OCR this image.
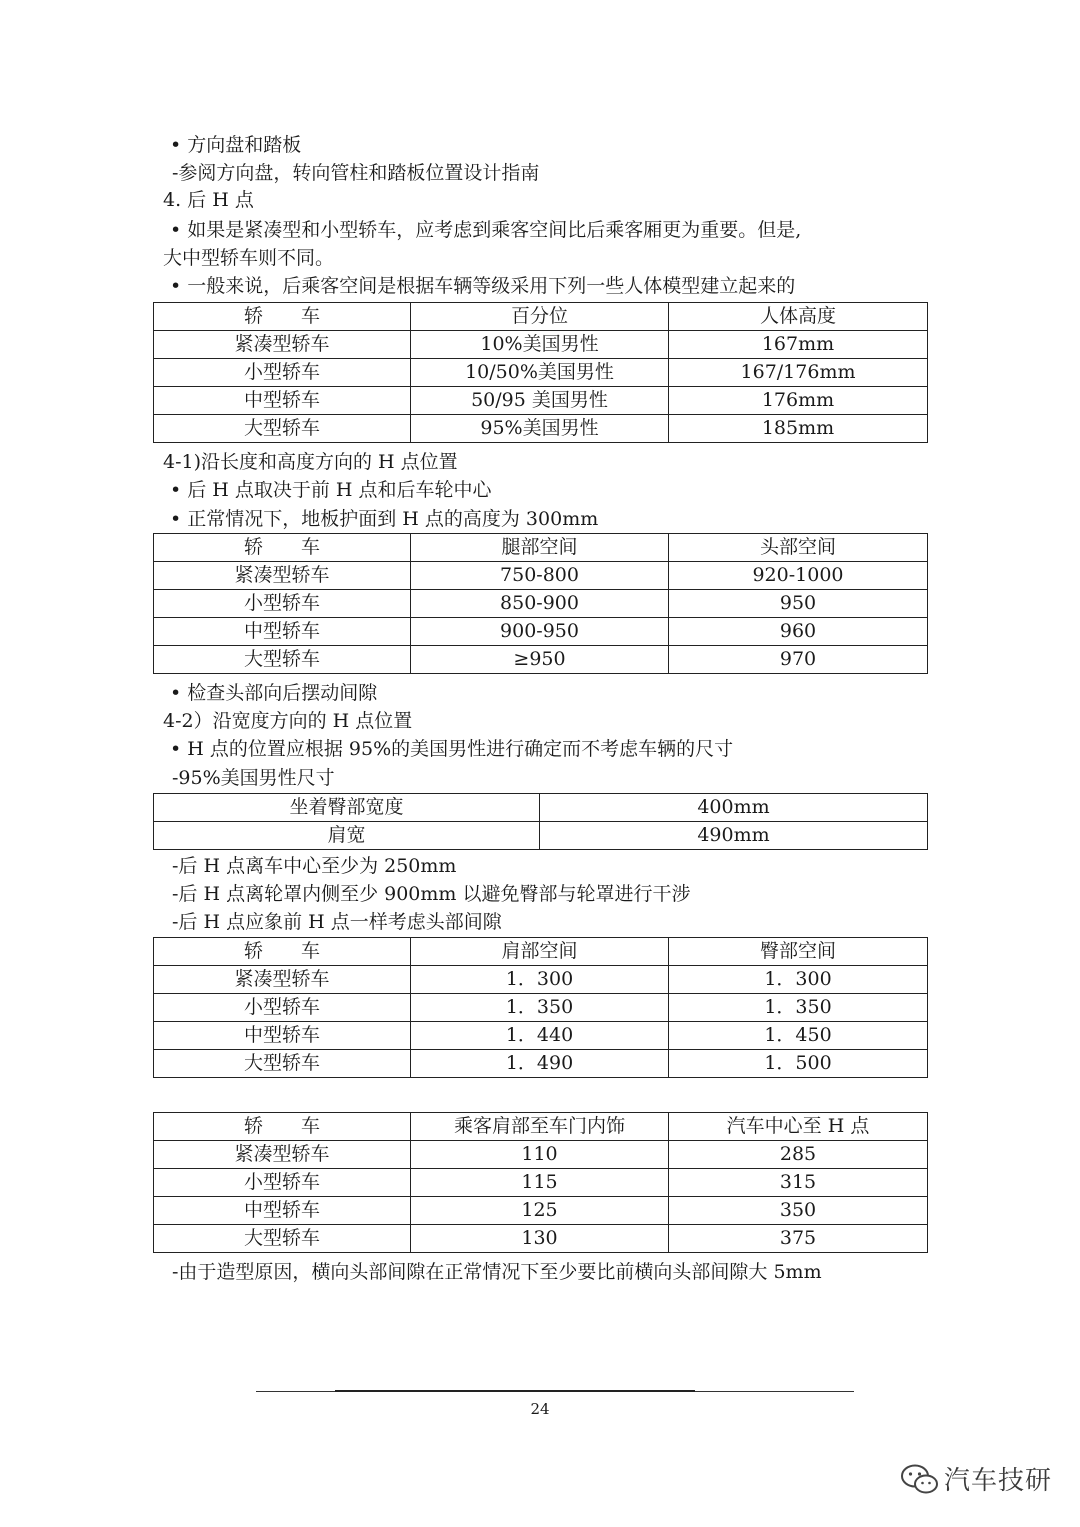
• 方向盘和踏板
-参阅方向盘，转向管柱和踏板位置设计指南
4. 后 H 点
• 如果是紧凑型和小型轿车，应考虑到乘客空间比后乘客厢更为重要。但是,
大中型轿车则不同。
• 一般来说，后乘客空间是根据车辆等级采用下列一些人体模型建立起来的
轿　　车	百分位	人体高度
紧凑型轿车	10%美国男性	167mm
小型轿车	10/50%美国男性	167/176mm
中型轿车	50/95 美国男性	176mm
大型轿车	95%美国男性	185mm
4-1)沿长度和高度方向的 H 点位置
• 后 H 点取决于前 H 点和后车轮中心
• 正常情况下，地板护面到 H 点的高度为 300mm
轿　　车	腿部空间	头部空间
紧凑型轿车	750-800	920-1000
小型轿车	850-900	950
中型轿车	900-950	960
大型轿车	≥950	970
• 检查头部向后摆动间隙
4-2）沿宽度方向的 H 点位置
• H 点的位置应根据 95%的美国男性进行确定而不考虑车辆的尺寸
-95%美国男性尺寸
坐着臀部宽度	400mm
肩宽	490mm
-后 H 点离车中心至少为 250mm
-后 H 点离轮罩内侧至少 900mm 以避免臀部与轮罩进行干涉
-后 H 点应象前 H 点一样考虑头部间隙
轿　　车	肩部空间	臀部空间
紧凑型轿车	1．300	1．300
小型轿车	1．350	1．350
中型轿车	1．440	1．450
大型轿车	1．490	1．500
轿　　车	乘客肩部至车门内饰	汽车中心至 H 点
紧凑型轿车	110	285
小型轿车	115	315
中型轿车	125	350
大型轿车	130	375
-由于造型原因，横向头部间隙在正常情况下至少要比前横向头部间隙大 5mm
24
汽车技研
